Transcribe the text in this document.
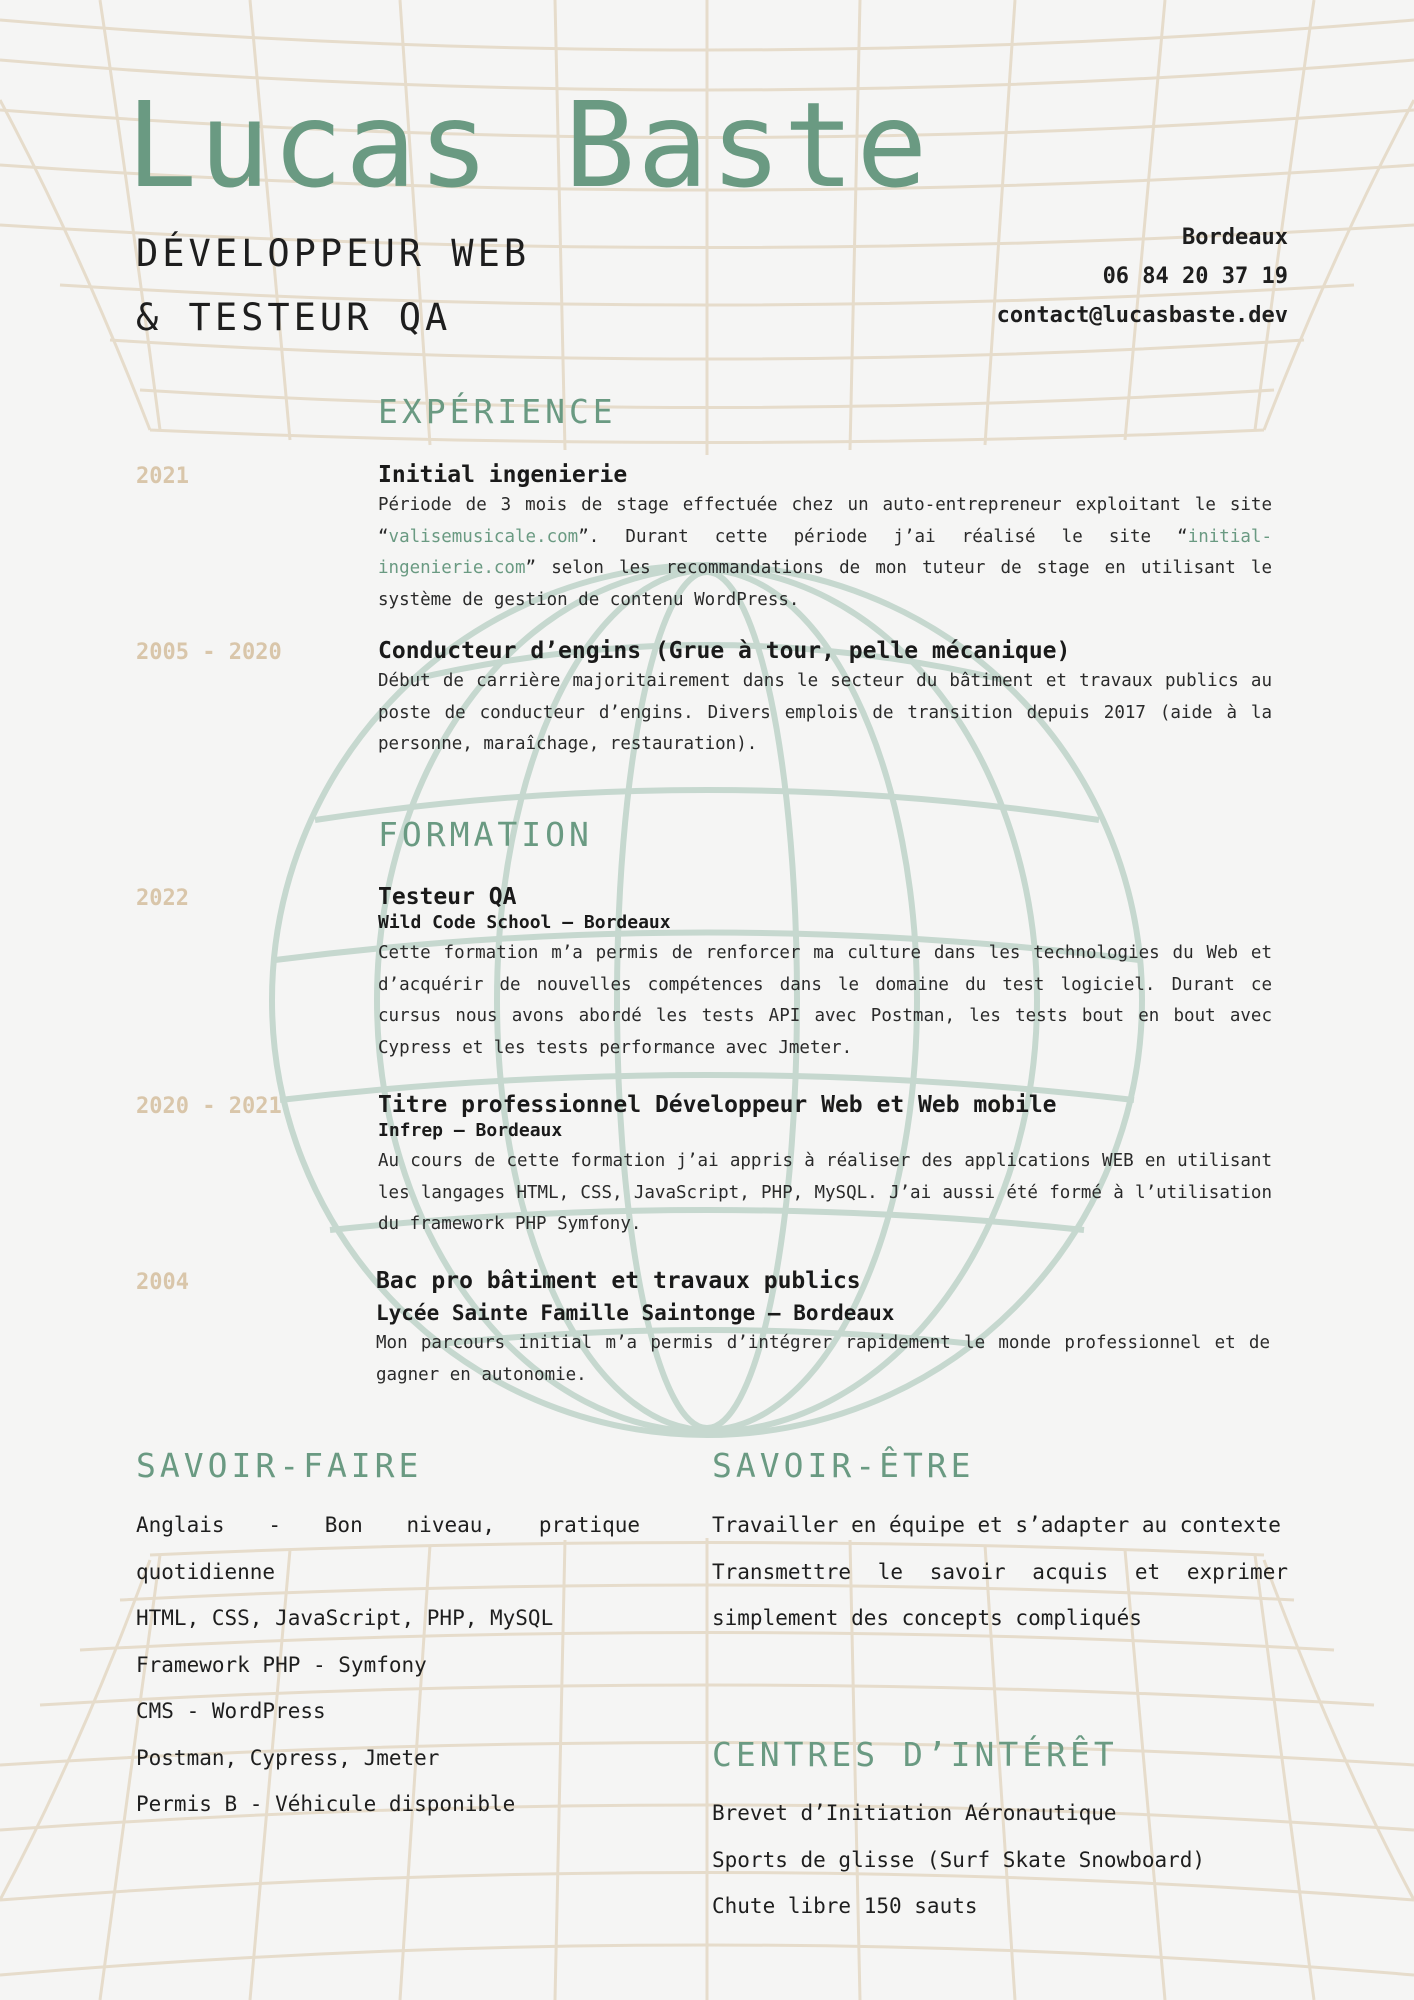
Lucas Baste
DÉVELOPPEUR WEB
& TESTEUR QA
Bordeaux
06 84 20 37 19
contact@lucasbaste.dev
EXPÉRIENCE
2021	Initial ingenierie
Période de 3 mois de stage effectuée chez un auto-entrepreneur exploitant le site “valisemusicale.com”. Durant cette période j’ai réalisé le site “initial-ingenierie.com” selon les recommandations de mon tuteur de stage en utilisant le système de gestion de contenu WordPress.
2005 - 2020	Conducteur d’engins (Grue à tour, pelle mécanique)
Début de carrière majoritairement dans le secteur du bâtiment et travaux publics au poste de conducteur d’engins. Divers emplois de transition depuis 2017 (aide à la personne, maraîchage, restauration).
FORMATION
2022	Testeur QA
Wild Code School – Bordeaux
Cette formation m’a permis de renforcer ma culture dans les technologies du Web et d’acquérir de nouvelles compétences dans le domaine du test logiciel. Durant ce cursus nous avons abordé les tests API avec Postman, les tests bout en bout avec Cypress et les tests performance avec Jmeter.
2020 - 2021	Titre professionnel Développeur Web et Web mobile
Infrep – Bordeaux
Au cours de cette formation j’ai appris à réaliser des applications WEB en utilisant les langages HTML, CSS, JavaScript, PHP, MySQL. J’ai aussi été formé à l’utilisation du framework PHP Symfony.
2004	Bac pro bâtiment et travaux publics
Lycée Sainte Famille Saintonge – Bordeaux
Mon parcours initial m’a permis d’intégrer rapidement le monde professionnel et de gagner en autonomie.
SAVOIR-FAIRE
Anglais - Bon niveau, pratique quotidienne
HTML, CSS, JavaScript, PHP, MySQL
Framework PHP - Symfony
CMS - WordPress
Postman, Cypress, Jmeter
Permis B - Véhicule disponible
SAVOIR-ÊTRE
Travailler en équipe et s’adapter au contexte
Transmettre le savoir acquis et exprimer simplement des concepts compliqués
CENTRES D’INTÉRÊT
Brevet d’Initiation Aéronautique
Sports de glisse (Surf Skate Snowboard)
Chute libre 150 sauts
